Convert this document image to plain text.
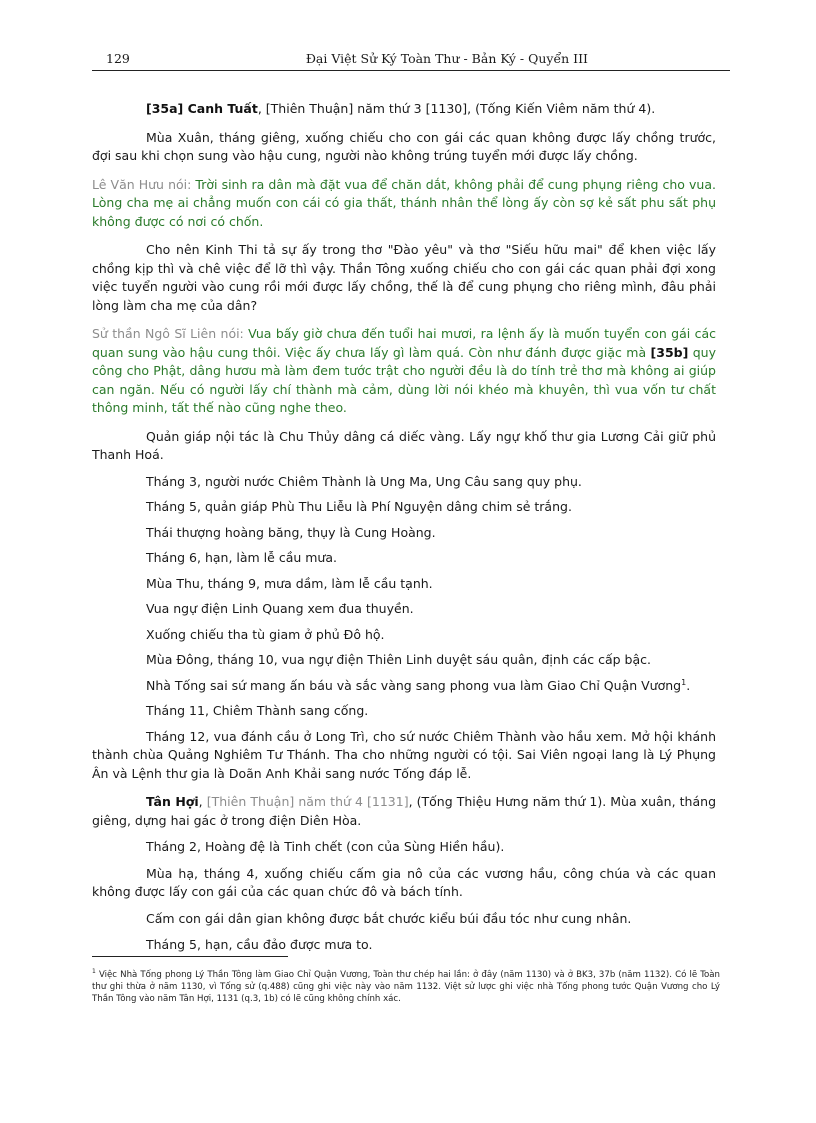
129	Đại Việt Sử Ký Toàn Thư - Bản Ký - Quyển III

[35a] Canh Tuất, [Thiên Thuận] năm thứ 3 [1130], (Tống Kiến Viêm năm thứ 4).

Mùa Xuân, tháng giêng, xuống chiếu cho con gái các quan không được lấy chồng trước, đợi sau khi chọn sung vào hậu cung, người nào không trúng tuyển mới được lấy chồng.

Lê Văn Hưu nói: Trời sinh ra dân mà đặt vua để chăn dắt, không phải để cung phụng riêng cho vua. Lòng cha mẹ ai chẳng muốn con cái có gia thất, thánh nhân thể lòng ấy còn sợ kẻ sất phu sất phụ không được có nơi có chốn.

Cho nên Kinh Thi tả sự ấy trong thơ "Đào yêu" và thơ "Siếu hữu mai" để khen việc lấy chồng kịp thì và chê việc để lỡ thì vậy. Thần Tông xuống chiếu cho con gái các quan phải đợi xong việc tuyển người vào cung rồi mới được lấy chồng, thế là để cung phụng cho riêng mình, đâu phải lòng làm cha mẹ của dân?

Sử thần Ngô Sĩ Liên nói: Vua bấy giờ chưa đến tuổi hai mươi, ra lệnh ấy là muốn tuyển con gái các quan sung vào hậu cung thôi. Việc ấy chưa lấy gì làm quá. Còn như đánh được giặc mà [35b] quy công cho Phật, dâng hươu mà làm đem tước trật cho người đều là do tính trẻ thơ mà không ai giúp can ngăn. Nếu có người lấy chí thành mà cảm, dùng lời nói khéo mà khuyên, thì vua vốn tư chất thông minh, tất thế nào cũng nghe theo.

Quản giáp nội tác là Chu Thủy dâng cá diếc vàng. Lấy ngự khố thư gia Lương Cải giữ phủ Thanh Hoá.

Tháng 3, người nước Chiêm Thành là Ung Ma, Ung Câu sang quy phụ.

Tháng 5, quản giáp Phù Thu Liễu là Phí Nguyện dâng chim sẻ trắng.

Thái thượng hoàng băng, thụy là Cung Hoàng.

Tháng 6, hạn, làm lễ cầu mưa.

Mùa Thu, tháng 9, mưa dầm, làm lễ cầu tạnh.

Vua ngự điện Linh Quang xem đua thuyền.

Xuống chiếu tha tù giam ở phủ Đô hộ.

Mùa Đông, tháng 10, vua ngự điện Thiên Linh duyệt sáu quân, định các cấp bậc.

Nhà Tống sai sứ mang ấn báu và sắc vàng sang phong vua làm Giao Chỉ Quận Vương$^1$.

Tháng 11, Chiêm Thành sang cống.

Tháng 12, vua đánh cầu ở Long Trì, cho sứ nước Chiêm Thành vào hầu xem. Mở hội khánh thành chùa Quảng Nghiêm Tư Thánh. Tha cho những người có tội. Sai Viên ngoại lang là Lý Phụng Ân và Lệnh thư gia là Doãn Anh Khải sang nước Tống đáp lễ.

Tân Hợi, [Thiên Thuận] năm thứ 4 [1131], (Tống Thiệu Hưng năm thứ 1). Mùa xuân, tháng giêng, dựng hai gác ở trong điện Diên Hòa.

Tháng 2, Hoàng đệ là Tinh chết (con của Sùng Hiền hầu).

Mùa hạ, tháng 4, xuống chiếu cấm gia nô của các vương hầu, công chúa và các quan không được lấy con gái của các quan chức đô và bách tính.

Cấm con gái dân gian không được bắt chước kiểu búi đầu tóc như cung nhân.

Tháng 5, hạn, cầu đảo được mưa to.

$^1$ Việc Nhà Tống phong Lý Thần Tông làm Giao Chỉ Quận Vương, Toàn thư chép hai lần: ở đây (năm 1130) và ở BK3, 37b (năm 1132). Có lẽ Toàn thư ghi thừa ở năm 1130, vì Tống sử (q.488) cũng ghi việc này vào năm 1132. Việt sử lược ghi việc nhà Tống phong tước Quận Vương cho Lý Thần Tông vào năm Tân Hợi, 1131 (q.3, 1b) có lẽ cũng không chính xác.
